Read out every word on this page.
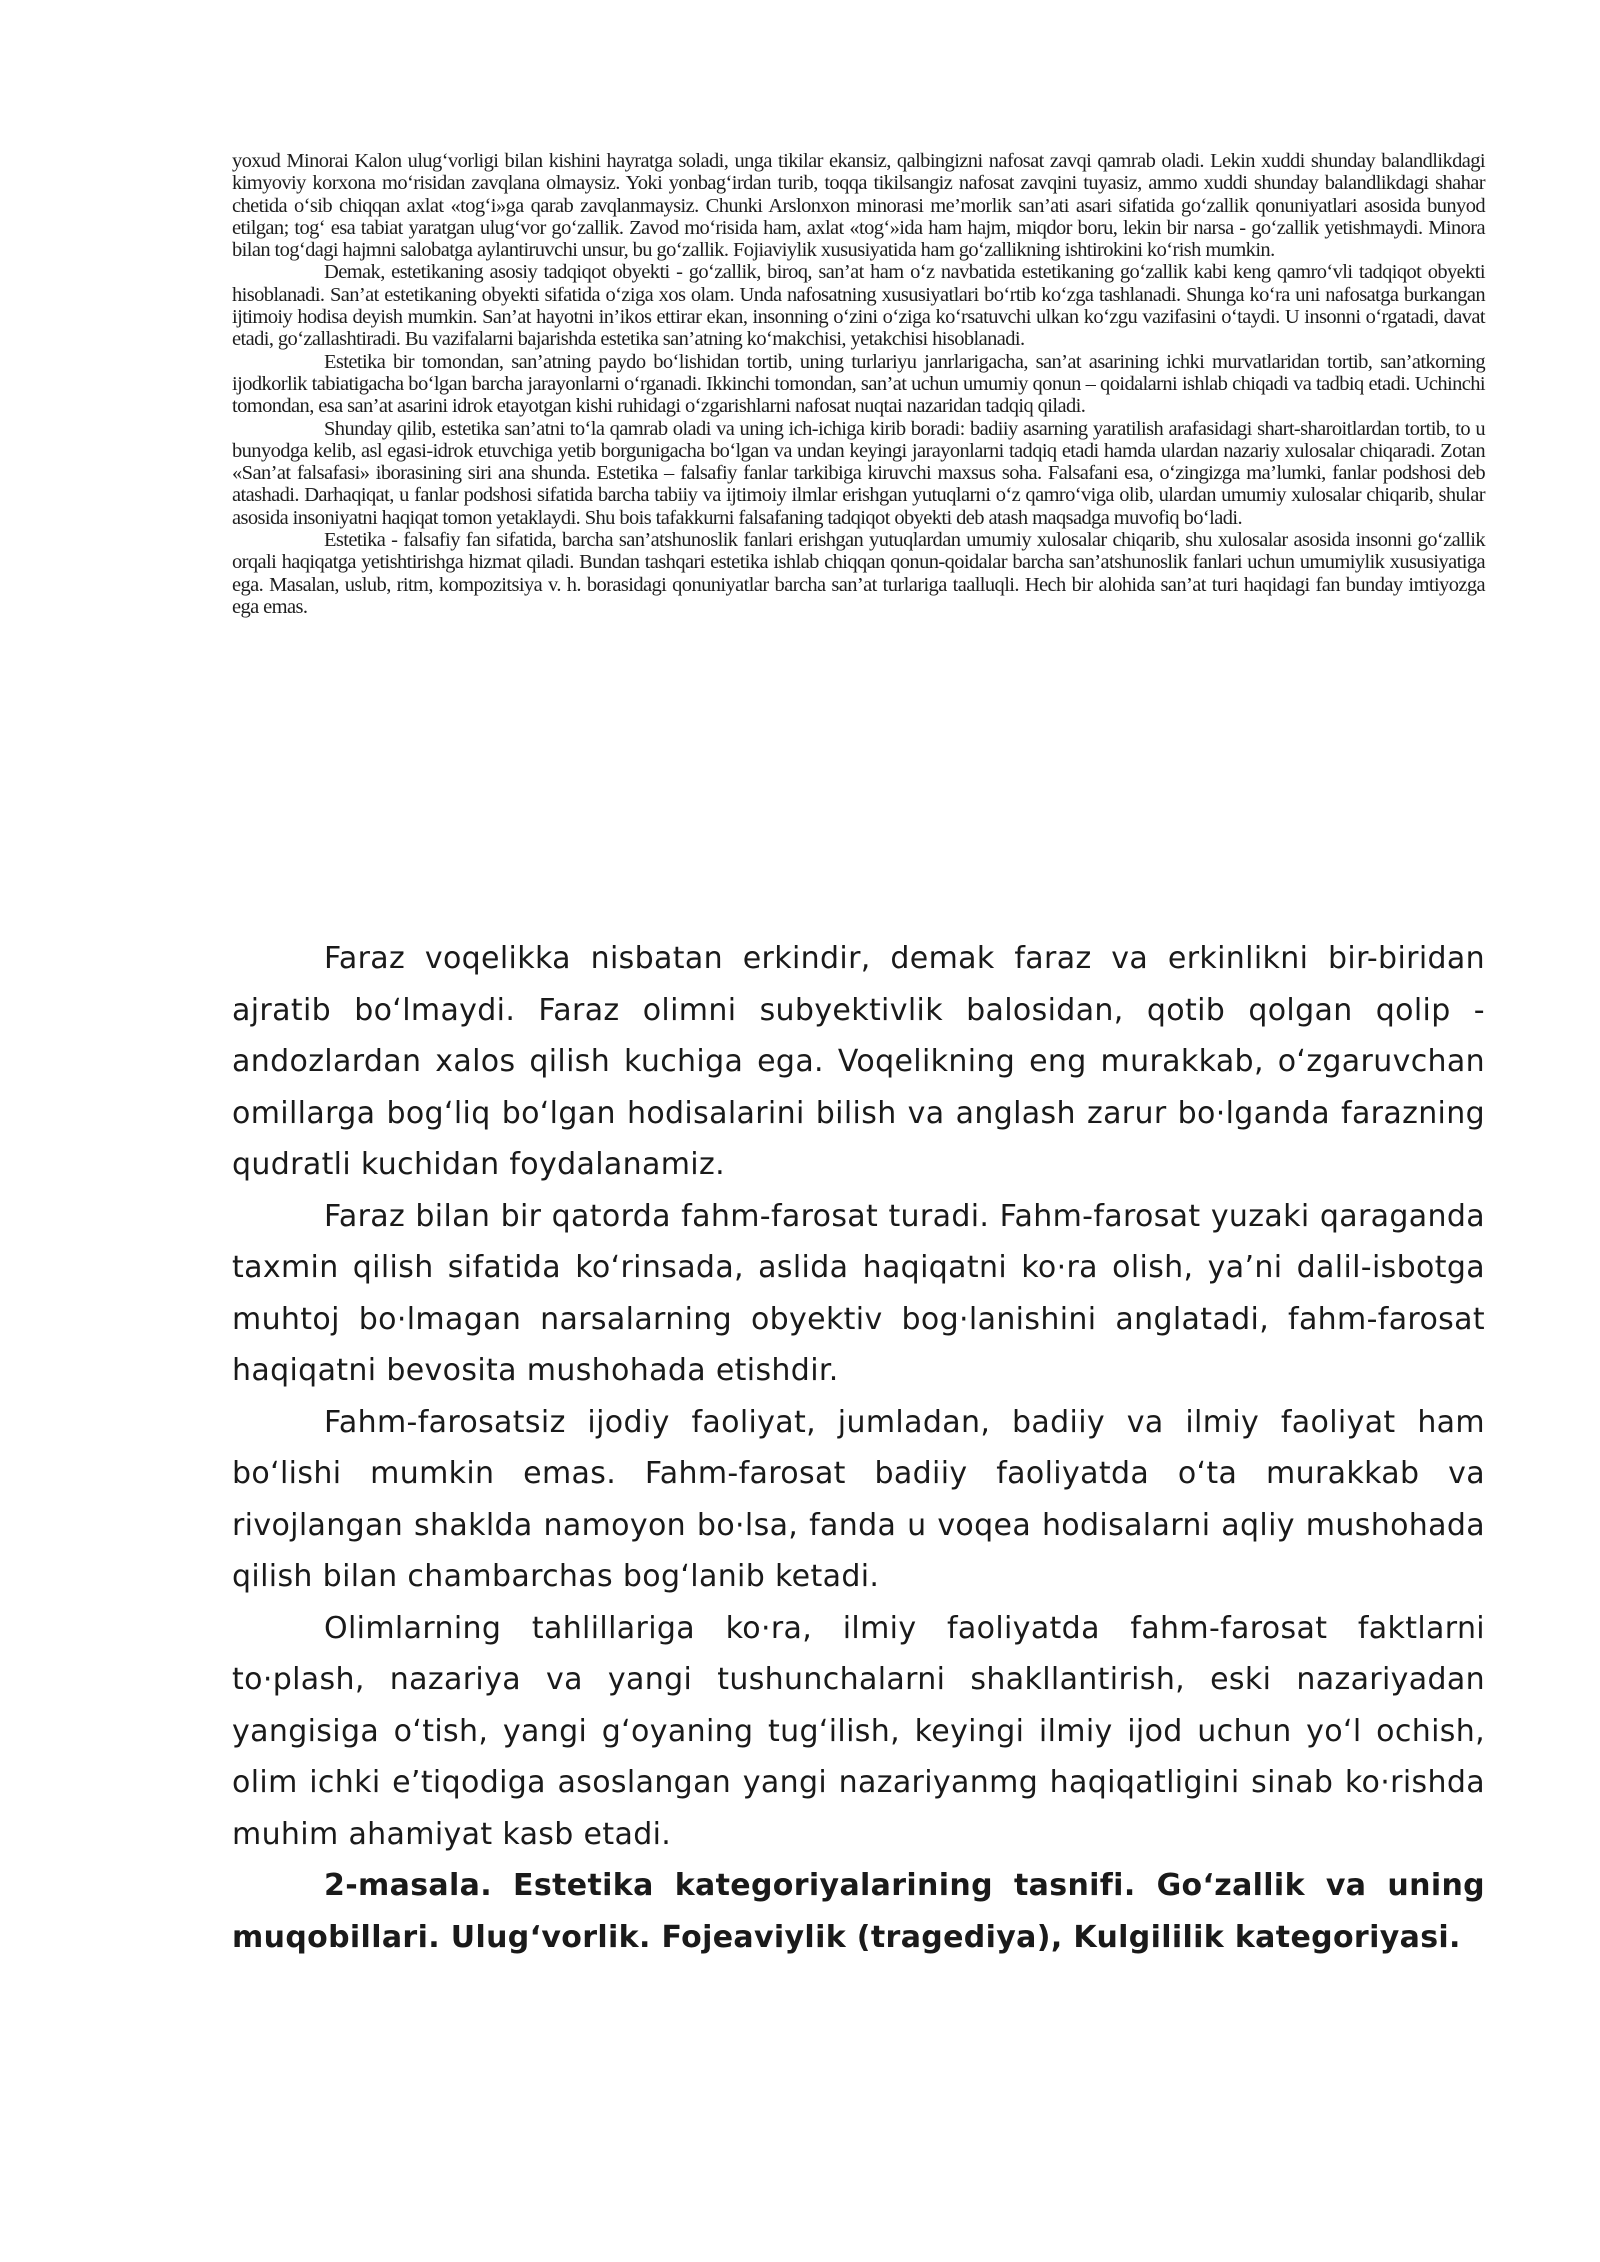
yoxud Minorai Kalon ulug‘vorligi bilan kishini hayratga soladi, unga tikilar ekansiz, qalbingizni nafosat zavqi qamrab oladi. Lekin xuddi shunday balandlikdagi kimyoviy korxona mo‘risidan zavqlana olmaysiz. Yoki yonbag‘irdan turib, toqqa tikilsangiz nafosat zavqini tuyasiz, ammo xuddi shunday balandlikdagi shahar chetida o‘sib chiqqan axlat «tog‘i»ga qarab zavqlanmaysiz. Chunki Arslonxon minorasi me’morlik san’ati asari sifatida go‘zallik qonuniyatlari asosida bunyod etilgan; tog‘ esa tabiat yaratgan ulug‘vor go‘zallik. Zavod mo‘risida ham, axlat «tog‘»ida ham hajm, miqdor boru, lekin bir narsa - go‘zallik yetishmaydi. Minora bilan tog‘dagi hajmni salobatga aylantiruvchi unsur, bu go‘zallik. Fojiaviylik xususiyatida ham go‘zallikning ishtirokini ko‘rish mumkin.

Demak, estetikaning asosiy tadqiqot obyekti - go‘zallik, biroq, san’at ham o‘z navbatida estetikaning go‘zallik kabi keng qamro‘vli tadqiqot obyekti hisoblanadi. San’at estetikaning obyekti sifatida o‘ziga xos olam. Unda nafosatning xususiyatlari bo‘rtib ko‘zga tashlanadi. Shunga ko‘ra uni nafosatga burkangan ijtimoiy hodisa deyish mumkin. San’at hayotni in’ikos ettirar ekan, insonning o‘zini o‘ziga ko‘rsatuvchi ulkan ko‘zgu vazifasini o‘taydi. U insonni o‘rgatadi, davat etadi, go‘zallashtiradi. Bu vazifalarni bajarishda estetika san’atning ko‘makchisi, yetakchisi hisoblanadi.

Estetika bir tomondan, san’atning paydo bo‘lishidan tortib, uning turlariyu janrlarigacha, san’at asarining ichki murvatlaridan tortib, san’atkorning ijodkorlik tabiatigacha bo‘lgan barcha jarayonlarni o‘rganadi. Ikkinchi tomondan, san’at uchun umumiy qonun – qoidalarni ishlab chiqadi va tadbiq etadi. Uchinchi tomondan, esa san’at asarini idrok etayotgan kishi ruhidagi o‘zgarishlarni nafosat nuqtai nazaridan tadqiq qiladi.

Shunday qilib, estetika san’atni to‘la qamrab oladi va uning ich-ichiga kirib boradi: badiiy asarning yaratilish arafasidagi shart-sharoitlardan tortib, to u bunyodga kelib, asl egasi-idrok etuvchiga yetib borgunigacha bo‘lgan va undan keyingi jarayonlarni tadqiq etadi hamda ulardan nazariy xulosalar chiqaradi. Zotan «San’at falsafasi» iborasining siri ana shunda. Estetika – falsafiy fanlar tarkibiga kiruvchi maxsus soha. Falsafani esa, o‘zingizga ma’lumki, fanlar podshosi deb atashadi. Darhaqiqat, u fanlar podshosi sifatida barcha tabiiy va ijtimoiy ilmlar erishgan yutuqlarni o‘z qamro‘viga olib, ulardan umumiy xulosalar chiqarib, shular asosida insoniyatni haqiqat tomon yetaklaydi. Shu bois tafakkurni falsafaning tadqiqot obyekti deb atash maqsadga muvofiq bo‘ladi.

Estetika - falsafiy fan sifatida, barcha san’atshunoslik fanlari erishgan yutuqlardan umumiy xulosalar chiqarib, shu xulosalar asosida insonni go‘zallik orqali haqiqatga yetishtirishga hizmat qiladi. Bundan tashqari estetika ishlab chiqqan qonun-qoidalar barcha san’atshunoslik fanlari uchun umumiylik xususiyatiga ega. Masalan, uslub, ritm, kompozitsiya v. h. borasidagi qonuniyatlar barcha san’at turlariga taalluqli. Hech bir alohida san’at turi haqidagi fan bunday imtiyozga ega emas.

Faraz voqelikka nisbatan erkindir, demak faraz va erkinlikni bir-biridan ajratib bo‘lmaydi. Faraz olimni subyektivlik balosidan, qotib qolgan qolip - andozlardan xalos qilish kuchiga ega. Voqelikning eng murakkab, o‘zgaruvchan omillarga bog‘liq bo‘lgan hodisalarini bilish va anglash zarur bo·lganda farazning qudratli kuchidan foydalanamiz.

Faraz bilan bir qatorda fahm-farosat turadi. Fahm-farosat yuzaki qaraganda taxmin qilish sifatida ko‘rinsada, aslida haqiqatni ko·ra olish, ya’ni dalil-isbotga muhtoj bo·lmagan narsalarning obyektiv bog·lanishini anglatadi, fahm-farosat haqiqatni bevosita mushohada etishdir.

Fahm-farosatsiz ijodiy faoliyat, jumladan, badiiy va ilmiy faoliyat ham bo‘lishi mumkin emas. Fahm-farosat badiiy faoliyatda o‘ta murakkab va rivojlangan shaklda namoyon bo·lsa, fanda u voqea hodisalarni aqliy mushohada qilish bilan chambarchas bog‘lanib ketadi.

Olimlarning tahlillariga ko·ra, ilmiy faoliyatda fahm-farosat faktlarni to·plash, nazariya va yangi tushunchalarni shakllantirish, eski nazariyadan yangisiga o‘tish, yangi g‘oyaning tug‘ilish, keyingi ilmiy ijod uchun yo‘l ochish, olim ichki e’tiqodiga asoslangan yangi nazariyanmg haqiqatligini sinab ko·rishda muhim ahamiyat kasb etadi.

2-masala. Estetika kategoriyalarining tasnifi. Go‘zallik va uning muqobillari. Ulug‘vorlik. Fojeaviylik (tragediya), Kulgililik kategoriyasi.
